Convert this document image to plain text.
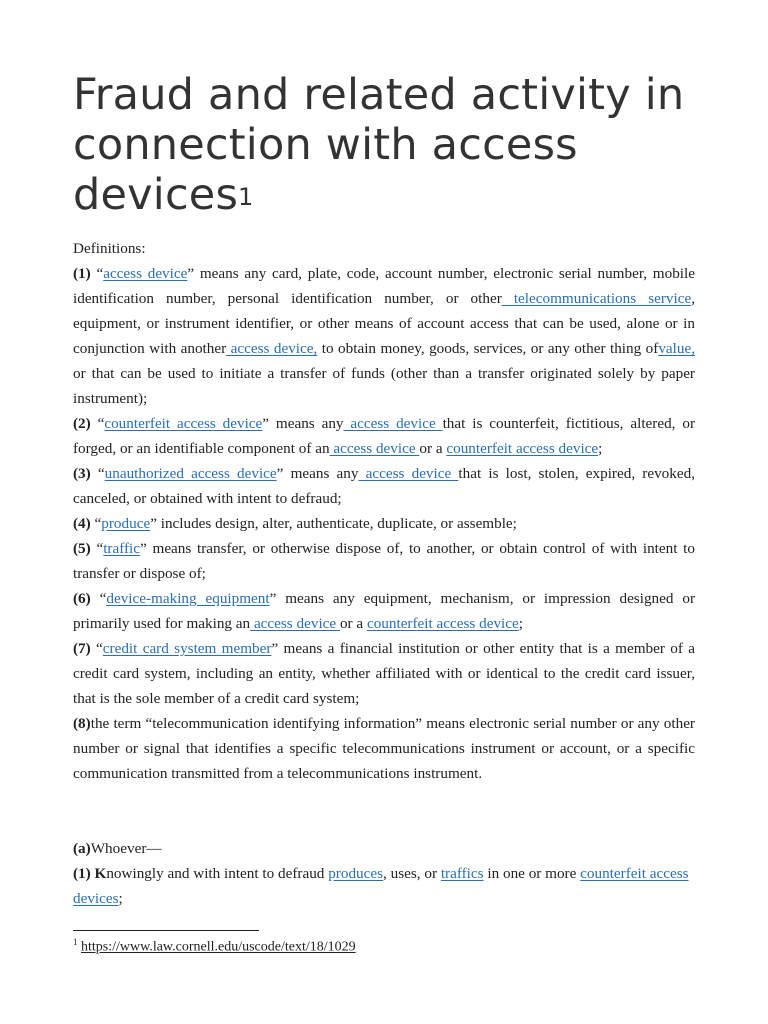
Fraud and related activity in connection with access devices$^1$

Definitions:

(1) “access device” means any card, plate, code, account number, electronic serial number, mobile identification number, personal identification number, or other telecommunications service, equipment, or instrument identifier, or other means of account access that can be used, alone or in conjunction with another access device, to obtain money, goods, services, or any other thing ofvalue, or that can be used to initiate a transfer of funds (other than a transfer originated solely by paper instrument);

(2) “counterfeit access device” means any access device that is counterfeit, fictitious, altered, or forged, or an identifiable component of an access device or a counterfeit access device;

(3) “unauthorized access device” means any access device that is lost, stolen, expired, revoked, canceled, or obtained with intent to defraud;

(4) “produce” includes design, alter, authenticate, duplicate, or assemble;

(5) “traffic” means transfer, or otherwise dispose of, to another, or obtain control of with intent to transfer or dispose of;

(6) “device-making equipment” means any equipment, mechanism, or impression designed or primarily used for making an access device or a counterfeit access device;

(7) “credit card system member” means a financial institution or other entity that is a member of a credit card system, including an entity, whether affiliated with or identical to the credit card issuer, that is the sole member of a credit card system;

(8)the term “telecommunication identifying information” means electronic serial number or any other number or signal that identifies a specific telecommunications instrument or account, or a specific communication transmitted from a telecommunications instrument.

(a)Whoever—

(1) Knowingly and with intent to defraud produces, uses, or traffics in one or more counterfeit access devices;

$^1$ https://www.law.cornell.edu/uscode/text/18/1029
